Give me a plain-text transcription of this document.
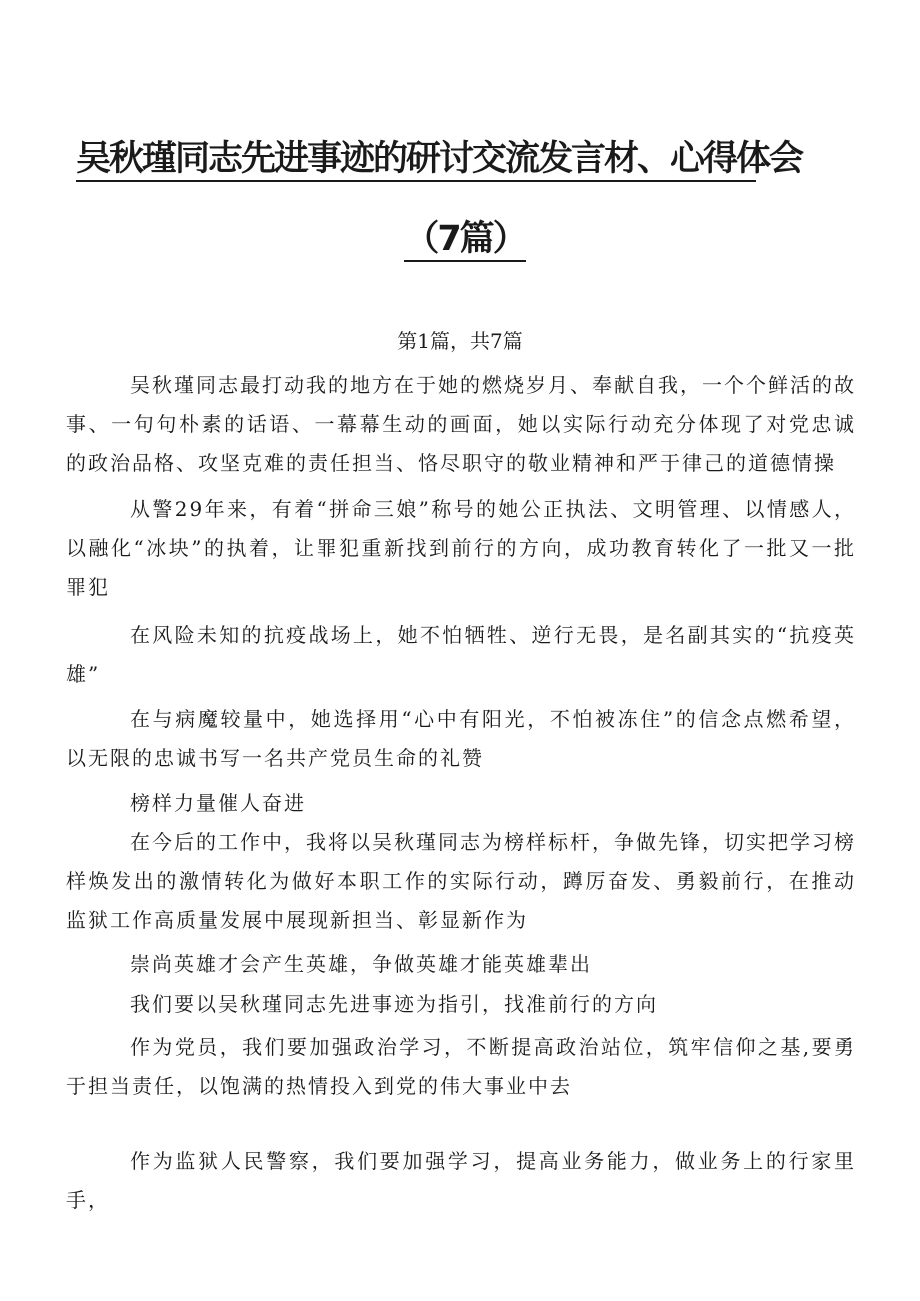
吴秋瑾同志先进事迹的研讨交流发言材、心得体会
（7篇）
第1篇，共7篇

吴秋瑾同志最打动我的地方在于她的燃烧岁月、奉献自我，一个个鲜活的故事、一句句朴素的话语、一幕幕生动的画面，她以实际行动充分体现了对党忠诚的政治品格、攻坚克难的责任担当、恪尽职守的敬业精神和严于律己的道德情操

从警29年来，有着“拼命三娘”称号的她公正执法、文明管理、以情感人，以融化“冰块”的执着，让罪犯重新找到前行的方向，成功教育转化了一批又一批罪犯

在风险未知的抗疫战场上，她不怕牺牲、逆行无畏，是名副其实的“抗疫英雄”

在与病魔较量中，她选择用“心中有阳光，不怕被冻住”的信念点燃希望，以无限的忠诚书写一名共产党员生命的礼赞

榜样力量催人奋进

在今后的工作中，我将以吴秋瑾同志为榜样标杆，争做先锋，切实把学习榜样焕发出的激情转化为做好本职工作的实际行动，蹲厉奋发、勇毅前行，在推动监狱工作高质量发展中展现新担当、彰显新作为

崇尚英雄才会产生英雄，争做英雄才能英雄辈出

我们要以吴秋瑾同志先进事迹为指引，找准前行的方向

作为党员，我们要加强政治学习，不断提高政治站位，筑牢信仰之基,要勇于担当责任，以饱满的热情投入到党的伟大事业中去

作为监狱人民警察，我们要加强学习，提高业务能力，做业务上的行家里手，
